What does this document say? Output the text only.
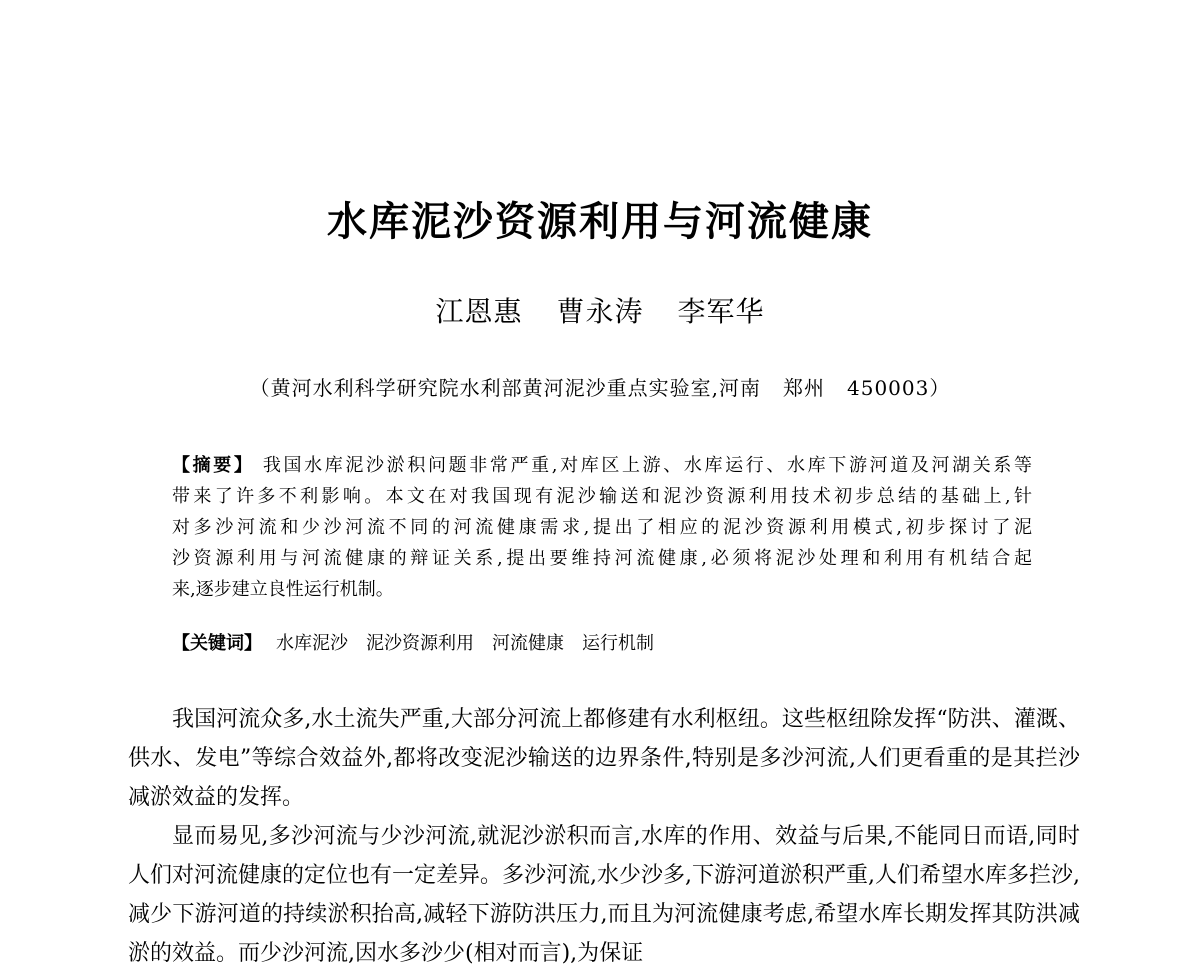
水库泥沙资源利用与河流健康
江恩惠 曹永涛 李军华
（黄河水利科学研究院水利部黄河泥沙重点实验室,河南 郑州 450003）
【摘要】 我国水库泥沙淤积问题非常严重,对库区上游、水库运行、水库下游河道及河湖关系等
带来了许多不利影响。本文在对我国现有泥沙输送和泥沙资源利用技术初步总结的基础上,针
对多沙河流和少沙河流不同的河流健康需求,提出了相应的泥沙资源利用模式,初步探讨了泥
沙资源利用与河流健康的辩证关系,提出要维持河流健康,必须将泥沙处理和利用有机结合起
来,逐步建立良性运行机制。
【关键词】 水库泥沙 泥沙资源利用 河流健康 运行机制

我国河流众多,水土流失严重,大部分河流上都修建有水利枢纽。这些枢纽除发挥“防洪、灌溉、供水、发电”等综合效益外,都将改变泥沙输送的边界条件,特别是多沙河流,人们更看重的是其拦沙减淤效益的发挥。

显而易见,多沙河流与少沙河流,就泥沙淤积而言,水库的作用、效益与后果,不能同日而语,同时人们对河流健康的定位也有一定差异。多沙河流,水少沙多,下游河道淤积严重,人们希望水库多拦沙,减少下游河道的持续淤积抬高,减轻下游防洪压力,而且为河流健康考虑,希望水库长期发挥其防洪减淤的效益。而少沙河流,因水多沙少(相对而言),为保证
